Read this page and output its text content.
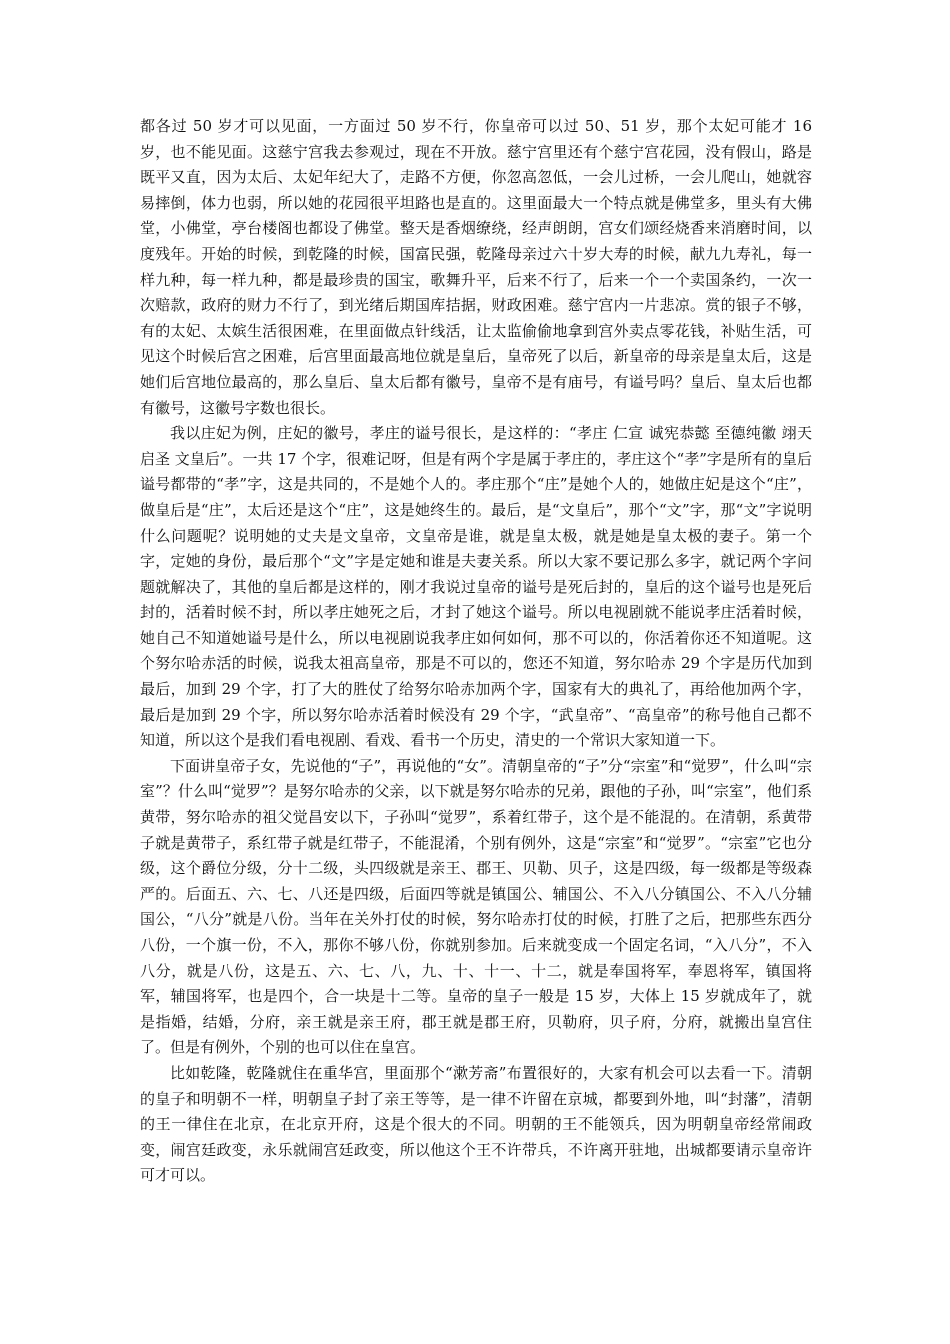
都各过 50 岁才可以见面，一方面过 50 岁不行，你皇帝可以过 50、51 岁，那个太妃可能才 16 岁，也不能见面。这慈宁宫我去参观过，现在不开放。慈宁宫里还有个慈宁宫花园，没有假山，路是既平又直，因为太后、太妃年纪大了，走路不方便，你忽高忽低，一会儿过桥，一会儿爬山，她就容易摔倒，体力也弱，所以她的花园很平坦路也是直的。这里面最大一个特点就是佛堂多，里头有大佛堂，小佛堂，亭台楼阁也都设了佛堂。整天是香烟缭绕，经声朗朗，宫女们颂经烧香来消磨时间，以度残年。开始的时候，到乾隆的时候，国富民强，乾隆母亲过六十岁大寿的时候，献九九寿礼，每一样九种，每一样九种，都是最珍贵的国宝，歌舞升平，后来不行了，后来一个一个卖国条约，一次一次赔款，政府的财力不行了，到光绪后期国库拮据，财政困难。慈宁宫内一片悲凉。赏的银子不够，有的太妃、太嫔生活很困难，在里面做点针线活，让太监偷偷地拿到宫外卖点零花钱，补贴生活，可见这个时候后宫之困难，后宫里面最高地位就是皇后，皇帝死了以后，新皇帝的母亲是皇太后，这是她们后宫地位最高的，那么皇后、皇太后都有徽号，皇帝不是有庙号，有谥号吗？皇后、皇太后也都有徽号，这徽号字数也很长。

我以庄妃为例，庄妃的徽号，孝庄的谥号很长，是这样的：“孝庄 仁宣 诚宪恭懿 至德纯徽 翊天 启圣 文皇后”。一共 17 个字，很难记呀，但是有两个字是属于孝庄的，孝庄这个“孝”字是所有的皇后谥号都带的“孝”字，这是共同的，不是她个人的。孝庄那个“庄”是她个人的，她做庄妃是这个“庄”，做皇后是“庄”，太后还是这个“庄”，这是她终生的。最后，是“文皇后”，那个“文”字，那“文”字说明什么问题呢？说明她的丈夫是文皇帝，文皇帝是谁，就是皇太极，就是她是皇太极的妻子。第一个字，定她的身份，最后那个“文”字是定她和谁是夫妻关系。所以大家不要记那么多字，就记两个字问题就解决了，其他的皇后都是这样的，刚才我说过皇帝的谥号是死后封的，皇后的这个谥号也是死后封的，活着时候不封，所以孝庄她死之后，才封了她这个谥号。所以电视剧就不能说孝庄活着时候，她自己不知道她谥号是什么，所以电视剧说我孝庄如何如何，那不可以的，你活着你还不知道呢。这个努尔哈赤活的时候，说我太祖高皇帝，那是不可以的，您还不知道，努尔哈赤 29 个字是历代加到最后，加到 29 个字，打了大的胜仗了给努尔哈赤加两个字，国家有大的典礼了，再给他加两个字，最后是加到 29 个字，所以努尔哈赤活着时候没有 29 个字，“武皇帝”、“高皇帝”的称号他自己都不知道，所以这个是我们看电视剧、看戏、看书一个历史，清史的一个常识大家知道一下。

下面讲皇帝子女，先说他的“子”，再说他的“女”。清朝皇帝的“子”分“宗室”和“觉罗”，什么叫“宗室”？什么叫“觉罗”？是努尔哈赤的父亲，以下就是努尔哈赤的兄弟，跟他的子孙，叫“宗室”，他们系黄带，努尔哈赤的祖父觉昌安以下，子孙叫“觉罗”，系着红带子，这个是不能混的。在清朝，系黄带子就是黄带子，系红带子就是红带子，不能混淆，个别有例外，这是“宗室”和“觉罗”。“宗室”它也分级，这个爵位分级，分十二级，头四级就是亲王、郡王、贝勒、贝子，这是四级，每一级都是等级森严的。后面五、六、七、八还是四级，后面四等就是镇国公、辅国公、不入八分镇国公、不入八分辅国公，“八分”就是八份。当年在关外打仗的时候，努尔哈赤打仗的时候，打胜了之后，把那些东西分八份，一个旗一份，不入，那你不够八份，你就别参加。后来就变成一个固定名词，“入八分”，不入八分，就是八份，这是五、六、七、八，九、十、十一、十二，就是奉国将军，奉恩将军，镇国将军，辅国将军，也是四个，合一块是十二等。皇帝的皇子一般是 15 岁，大体上 15 岁就成年了，就是指婚，结婚，分府，亲王就是亲王府，郡王就是郡王府，贝勒府，贝子府，分府，就搬出皇宫住了。但是有例外，个别的也可以住在皇宫。

比如乾隆，乾隆就住在重华宫，里面那个“漱芳斋”布置很好的，大家有机会可以去看一下。清朝的皇子和明朝不一样，明朝皇子封了亲王等等，是一律不许留在京城，都要到外地，叫“封藩”，清朝的王一律住在北京，在北京开府，这是个很大的不同。明朝的王不能领兵，因为明朝皇帝经常闹政变，闹宫廷政变，永乐就闹宫廷政变，所以他这个王不许带兵，不许离开驻地，出城都要请示皇帝许可才可以。
